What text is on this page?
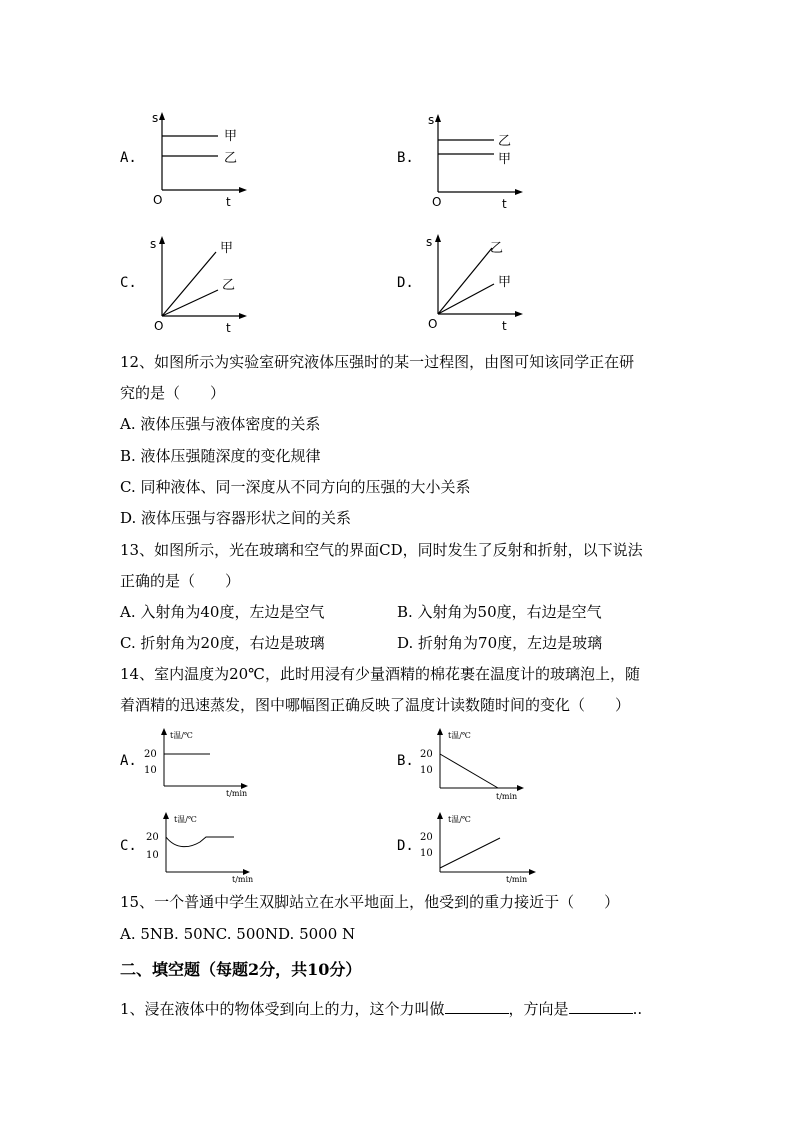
A.
s
甲
乙
O	t
B.
s
乙
甲
O	t
C.
s	甲
乙
O	t
D.
s	乙
甲
O	t
12、如图所示为实验室研究液体压强时的某一过程图，由图可知该同学正在研
究的是（　　）
A. 液体压强与液体密度的关系
B. 液体压强随深度的变化规律
C. 同种液体、同一深度从不同方向的压强的大小关系
D. 液体压强与容器形状之间的关系
13、如图所示，光在玻璃和空气的界面CD，同时发生了反射和折射，以下说法
正确的是（　　）
A. 入射角为40度，左边是空气	B. 入射角为50度，右边是空气
C. 折射角为20度，右边是玻璃	D. 折射角为70度，左边是玻璃
14、室内温度为20℃，此时用浸有少量酒精的棉花裹在温度计的玻璃泡上，随
着酒精的迅速蒸发，图中哪幅图正确反映了温度计读数随时间的变化（　　）
A.
t温/℃
20
10
t/min
B.
t温/℃
20
10
t/min
C.
t温/℃
20
10
t/min
D.
t温/℃
20
10
t/min
15、一个普通中学生双脚站立在水平地面上，他受到的重力接近于（　　）
A. 5NB. 50NC. 500ND. 5000 N
二、填空题（每题2分，共10分）
1、浸在液体中的物体受到向上的力，这个力叫做	，方向是	..
